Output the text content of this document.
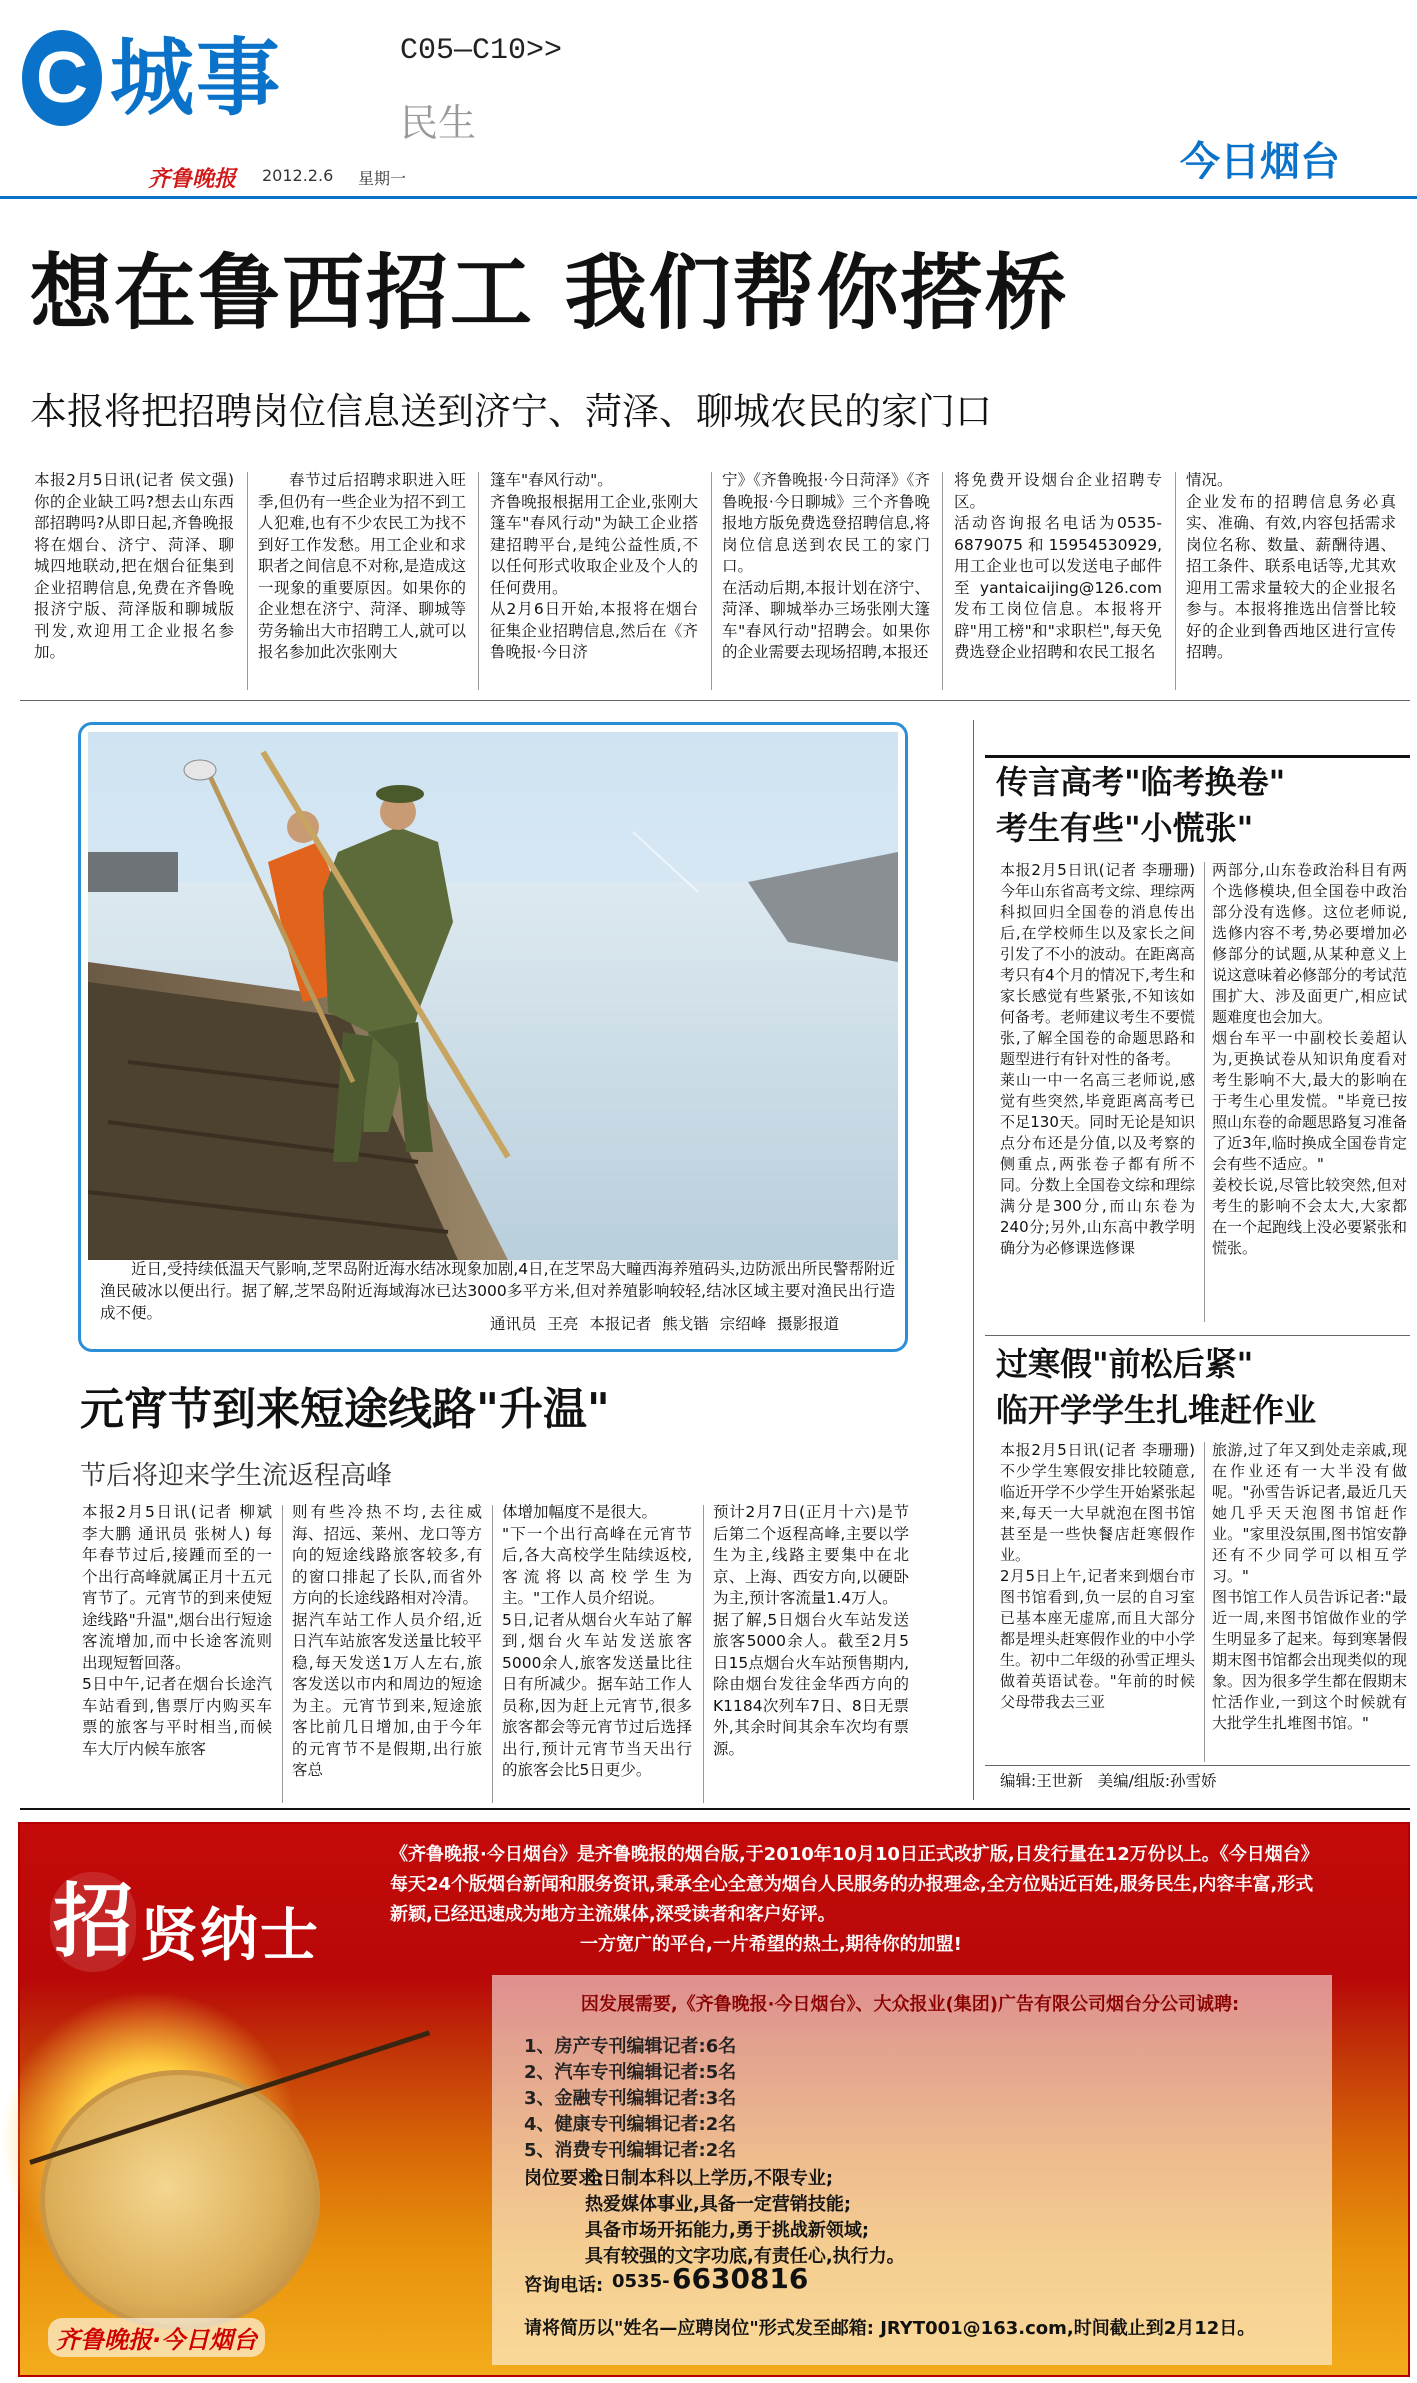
C 城事	C05—C10>>
民生
齐鲁晚报 2012.2.6 星期一	今日烟台
想在鲁西招工 我们帮你搭桥
本报将把招聘岗位信息送到济宁、菏泽、聊城农民的家门口

本报2月5日讯(记者 侯文强) 你的企业缺工吗?想去山东西部招聘吗?从即日起,齐鲁晚报将在烟台、济宁、菏泽、聊城四地联动,把在烟台征集到企业招聘信息,免费在齐鲁晚报济宁版、菏泽版和聊城版刊发,欢迎用工企业报名参加。

春节过后招聘求职进入旺季,但仍有一些企业为招不到工人犯难,也有不少农民工为找不到好工作发愁。用工企业和求职者之间信息不对称,是造成这一现象的重要原因。如果你的企业想在济宁、菏泽、聊城等劳务输出大市招聘工人,就可以报名参加此次张刚大

篷车"春风行动"。
齐鲁晚报根据用工企业,张刚大篷车"春风行动"为缺工企业搭建招聘平台,是纯公益性质,不以任何形式收取企业及个人的任何费用。
从2月6日开始,本报将在烟台征集企业招聘信息,然后在《齐鲁晚报·今日济

宁》《齐鲁晚报·今日菏泽》《齐鲁晚报·今日聊城》三个齐鲁晚报地方版免费选登招聘信息,将岗位信息送到农民工的家门口。
在活动后期,本报计划在济宁、菏泽、聊城举办三场张刚大篷车"春风行动"招聘会。如果你的企业需要去现场招聘,本报还

将免费开设烟台企业招聘专区。
活动咨询报名电话为0535-6879075和15954530929,用工企业也可以发送电子邮件至yantaicaijing@126.com发布工岗位信息。本报将开辟"用工榜"和"求职栏",每天免费选登企业招聘和农民工报名

情况。
企业发布的招聘信息务必真实、准确、有效,内容包括需求岗位名称、数量、薪酬待遇、招工条件、联系电话等,尤其欢迎用工需求量较大的企业报名参与。本报将推选出信誉比较好的企业到鲁西地区进行宣传招聘。

近日,受持续低温天气影响,芝罘岛附近海水结冰现象加剧,4日,在芝罘岛大疃西海养殖码头,边防派出所民警帮附近渔民破冰以便出行。据了解,芝罘岛附近海域海冰已达3000多平方米,但对养殖影响较轻,结冰区域主要对渔民出行造成不便。
通讯员 王亮 本报记者 熊戈锴 宗绍峰 摄影报道
元宵节到来短途线路"升温"
节后将迎来学生流返程高峰

本报2月5日讯(记者 柳斌 李大鹏 通讯员 张树人) 每年春节过后,接踵而至的一个出行高峰就属正月十五元宵节了。元宵节的到来使短途线路"升温",烟台出行短途客流增加,而中长途客流则出现短暂回落。
5日中午,记者在烟台长途汽车站看到,售票厅内购买车票的旅客与平时相当,而候车大厅内候车旅客

则有些冷热不均,去往威海、招远、莱州、龙口等方向的短途线路旅客较多,有的窗口排起了长队,而省外方向的长途线路相对冷清。
据汽车站工作人员介绍,近日汽车站旅客发送量比较平稳,每天发送1万人左右,旅客发送以市内和周边的短途为主。元宵节到来,短途旅客比前几日增加,由于今年的元宵节不是假期,出行旅客总

体增加幅度不是很大。
"下一个出行高峰在元宵节后,各大高校学生陆续返校,客流将以高校学生为主。"工作人员介绍说。
5日,记者从烟台火车站了解到,烟台火车站发送旅客5000余人,旅客发送量比往日有所减少。据车站工作人员称,因为赶上元宵节,很多旅客都会等元宵节过后选择出行,预计元宵节当天出行的旅客会比5日更少。

预计2月7日(正月十六)是节后第二个返程高峰,主要以学生为主,线路主要集中在北京、上海、西安方向,以硬卧为主,预计客流量1.4万人。
据了解,5日烟台火车站发送旅客5000余人。截至2月5日15点烟台火车站预售期内,除由烟台发往金华西方向的K1184次列车7日、8日无票外,其余时间其余车次均有票源。

传言高考"临考换卷"
考生有些"小慌张"

本报2月5日讯(记者 李珊珊) 今年山东省高考文综、理综两科拟回归全国卷的消息传出后,在学校师生以及家长之间引发了不小的波动。在距离高考只有4个月的情况下,考生和家长感觉有些紧张,不知该如何备考。老师建议考生不要慌张,了解全国卷的命题思路和题型进行有针对性的备考。
莱山一中一名高三老师说,感觉有些突然,毕竟距离高考已不足130天。同时无论是知识点分布还是分值,以及考察的侧重点,两张卷子都有所不同。分数上全国卷文综和理综满分是300分,而山东卷为240分;另外,山东高中教学明确分为必修课选修课

两部分,山东卷政治科目有两个选修模块,但全国卷中政治部分没有选修。这位老师说,选修内容不考,势必要增加必修部分的试题,从某种意义上说这意味着必修部分的考试范围扩大、涉及面更广,相应试题难度也会加大。
烟台车平一中副校长姜超认为,更换试卷从知识角度看对考生影响不大,最大的影响在于考生心里发慌。"毕竟已按照山东卷的命题思路复习准备了近3年,临时换成全国卷肯定会有些不适应。"
姜校长说,尽管比较突然,但对考生的影响不会太大,大家都在一个起跑线上没必要紧张和慌张。

过寒假"前松后紧"
临开学学生扎堆赶作业

本报2月5日讯(记者 李珊珊) 不少学生寒假安排比较随意,临近开学不少学生开始紧张起来,每天一大早就泡在图书馆甚至是一些快餐店赶寒假作业。
2月5日上午,记者来到烟台市图书馆看到,负一层的自习室已基本座无虚席,而且大部分都是埋头赶寒假作业的中小学生。初中二年级的孙雪正埋头做着英语试卷。"年前的时候父母带我去三亚

旅游,过了年又到处走亲戚,现在作业还有一大半没有做呢。"孙雪告诉记者,最近几天她几乎天天泡图书馆赶作业。"家里没氛围,图书馆安静还有不少同学可以相互学习。"
图书馆工作人员告诉记者:"最近一周,来图书馆做作业的学生明显多了起来。每到寒暑假期末图书馆都会出现类似的现象。因为很多学生都在假期末忙活作业,一到这个时候就有大批学生扎堆图书馆。"

编辑:王世新 美编/组版:孙雪娇
招 贤纳士
《齐鲁晚报·今日烟台》是齐鲁晚报的烟台版,于2010年10月10日正式改扩版,日发行量在12万份以上。《今日烟台》每天24个版烟台新闻和服务资讯,秉承全心全意为烟台人民服务的办报理念,全方位贴近百姓,服务民生,内容丰富,形式新颖,已经迅速成为地方主流媒体,深受读者和客户好评。
一方宽广的平台,一片希望的热土,期待你的加盟!
因发展需要,《齐鲁晚报·今日烟台》、大众报业(集团)广告有限公司烟台分公司诚聘:
1、房产专刊编辑记者:6名
2、汽车专刊编辑记者:5名
3、金融专刊编辑记者:3名
4、健康专刊编辑记者:2名
5、消费专刊编辑记者:2名
岗位要求:
全日制本科以上学历,不限专业;
热爱媒体事业,具备一定营销技能;
具备市场开拓能力,勇于挑战新领域;
具有较强的文字功底,有责任心,执行力。
咨询电话: 0535- 6630816
请将简历以"姓名—应聘岗位"形式发至邮箱: JRYT001@163.com,时间截止到2月12日。
齐鲁晚报·今日烟台
